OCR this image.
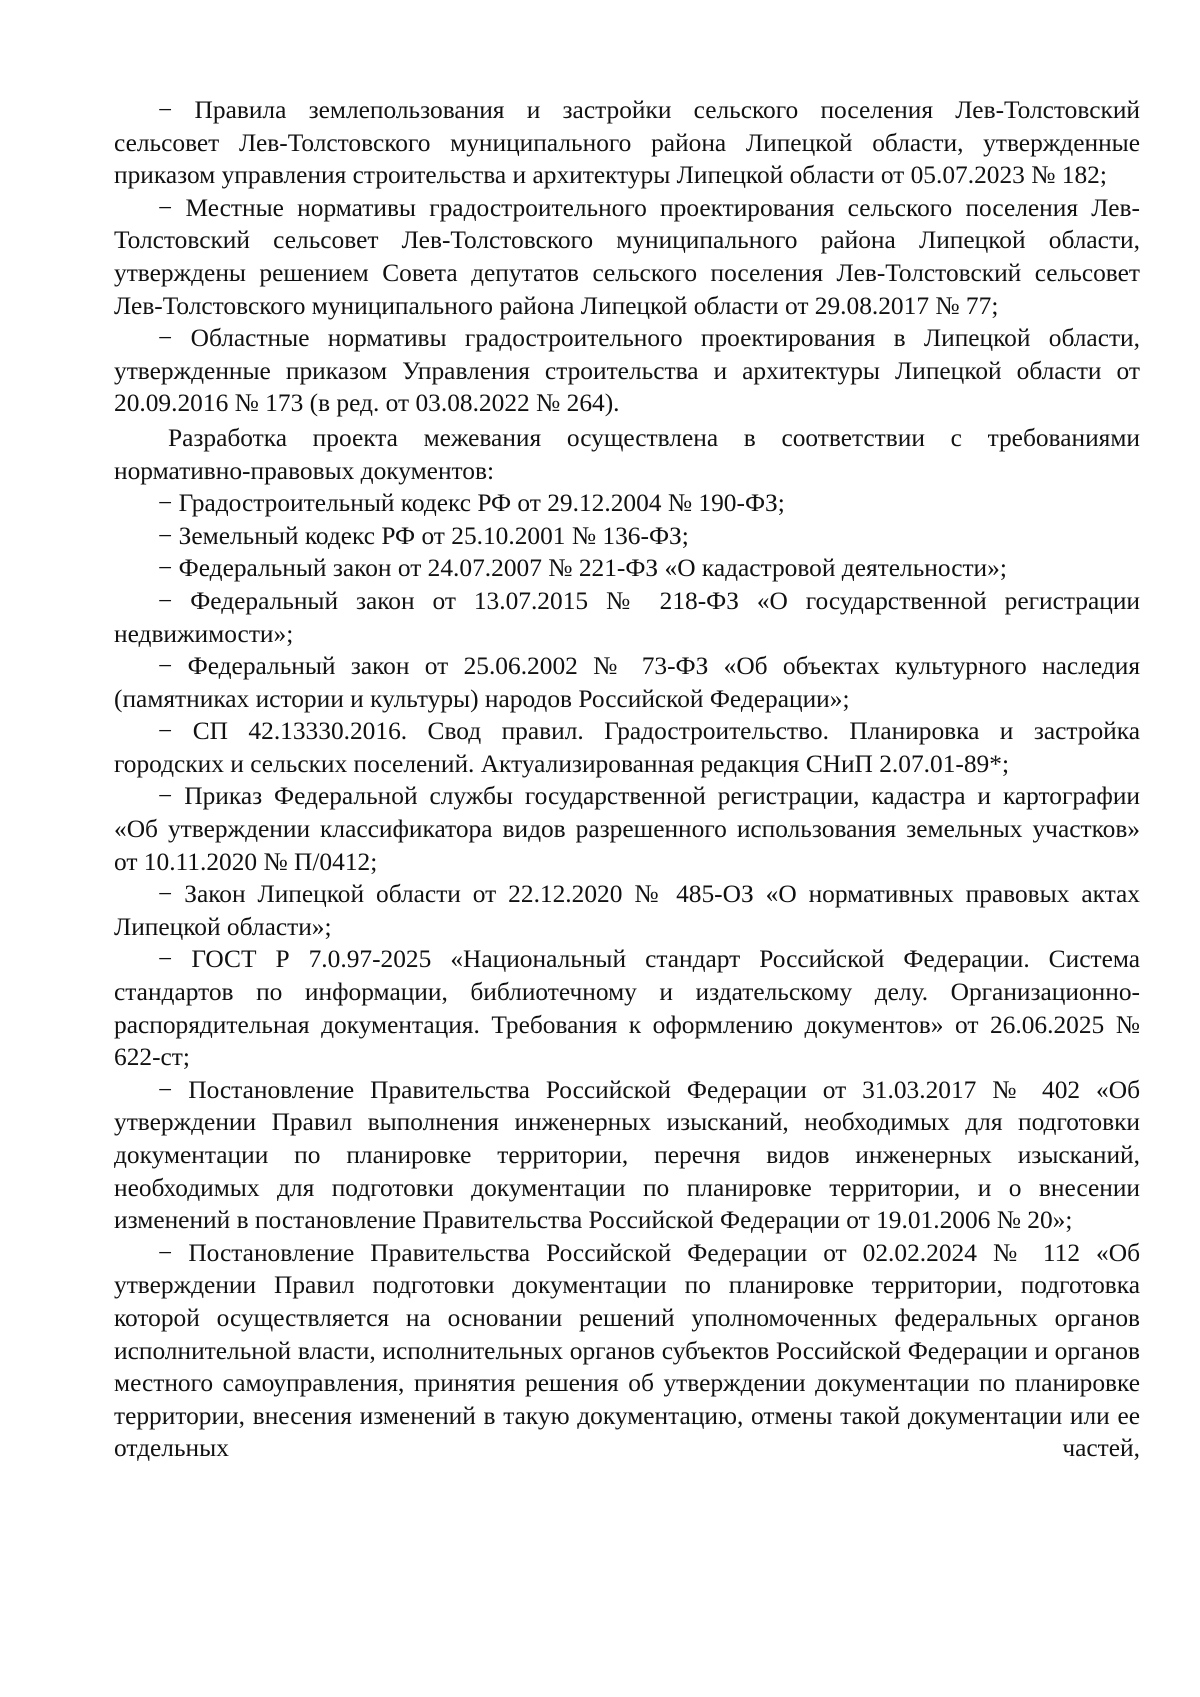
− Правила землепользования и застройки сельского поселения Лев-Толстовский сельсовет Лев-Толстовского муниципального района Липецкой области, утвержденные приказом управления строительства и архитектуры Липецкой области от 05.07.2023 № 182;

− Местные нормативы градостроительного проектирования сельского поселения Лев-Толстовский сельсовет Лев-Толстовского муниципального района Липецкой области, утверждены решением Совета депутатов сельского поселения Лев-Толстовский сельсовет Лев-Толстовского муниципального района Липецкой области от 29.08.2017 № 77;

− Областные нормативы градостроительного проектирования в Липецкой области, утвержденные приказом Управления строительства и архитектуры Липецкой области от 20.09.2016 № 173 (в ред. от 03.08.2022 № 264).

Разработка проекта межевания осуществлена в соответствии с требованиями нормативно-правовых документов:

− Градостроительный кодекс РФ от 29.12.2004 № 190-ФЗ;

− Земельный кодекс РФ от 25.10.2001 № 136-ФЗ;

− Федеральный закон от 24.07.2007 № 221-ФЗ «О кадастровой деятельности»;

− Федеральный закон от 13.07.2015 № 218-ФЗ «О государственной регистрации недвижимости»;

− Федеральный закон от 25.06.2002 № 73-ФЗ «Об объектах культурного наследия (памятниках истории и культуры) народов Российской Федерации»;

− СП 42.13330.2016. Свод правил. Градостроительство. Планировка и застройка городских и сельских поселений. Актуализированная редакция СНиП 2.07.01-89*;

− Приказ Федеральной службы государственной регистрации, кадастра и картографии «Об утверждении классификатора видов разрешенного использования земельных участков» от 10.11.2020 № П/0412;

− Закон Липецкой области от 22.12.2020 № 485-ОЗ «О нормативных правовых актах Липецкой области»;

− ГОСТ Р 7.0.97-2025 «Национальный стандарт Российской Федерации. Система стандартов по информации, библиотечному и издательскому делу. Организационно-распорядительная документация. Требования к оформлению документов» от 26.06.2025 № 622-ст;

− Постановление Правительства Российской Федерации от 31.03.2017 № 402 «Об утверждении Правил выполнения инженерных изысканий, необходимых для подготовки документации по планировке территории, перечня видов инженерных изысканий, необходимых для подготовки документации по планировке территории, и о внесении изменений в постановление Правительства Российской Федерации от 19.01.2006 № 20»;

− Постановление Правительства Российской Федерации от 02.02.2024 № 112 «Об утверждении Правил подготовки документации по планировке территории, подготовка которой осуществляется на основании решений уполномоченных федеральных органов исполнительной власти, исполнительных органов субъектов Российской Федерации и органов местного самоуправления, принятия решения об утверждении документации по планировке территории, внесения изменений в такую документацию, отмены такой документации или ее отдельных частей,
